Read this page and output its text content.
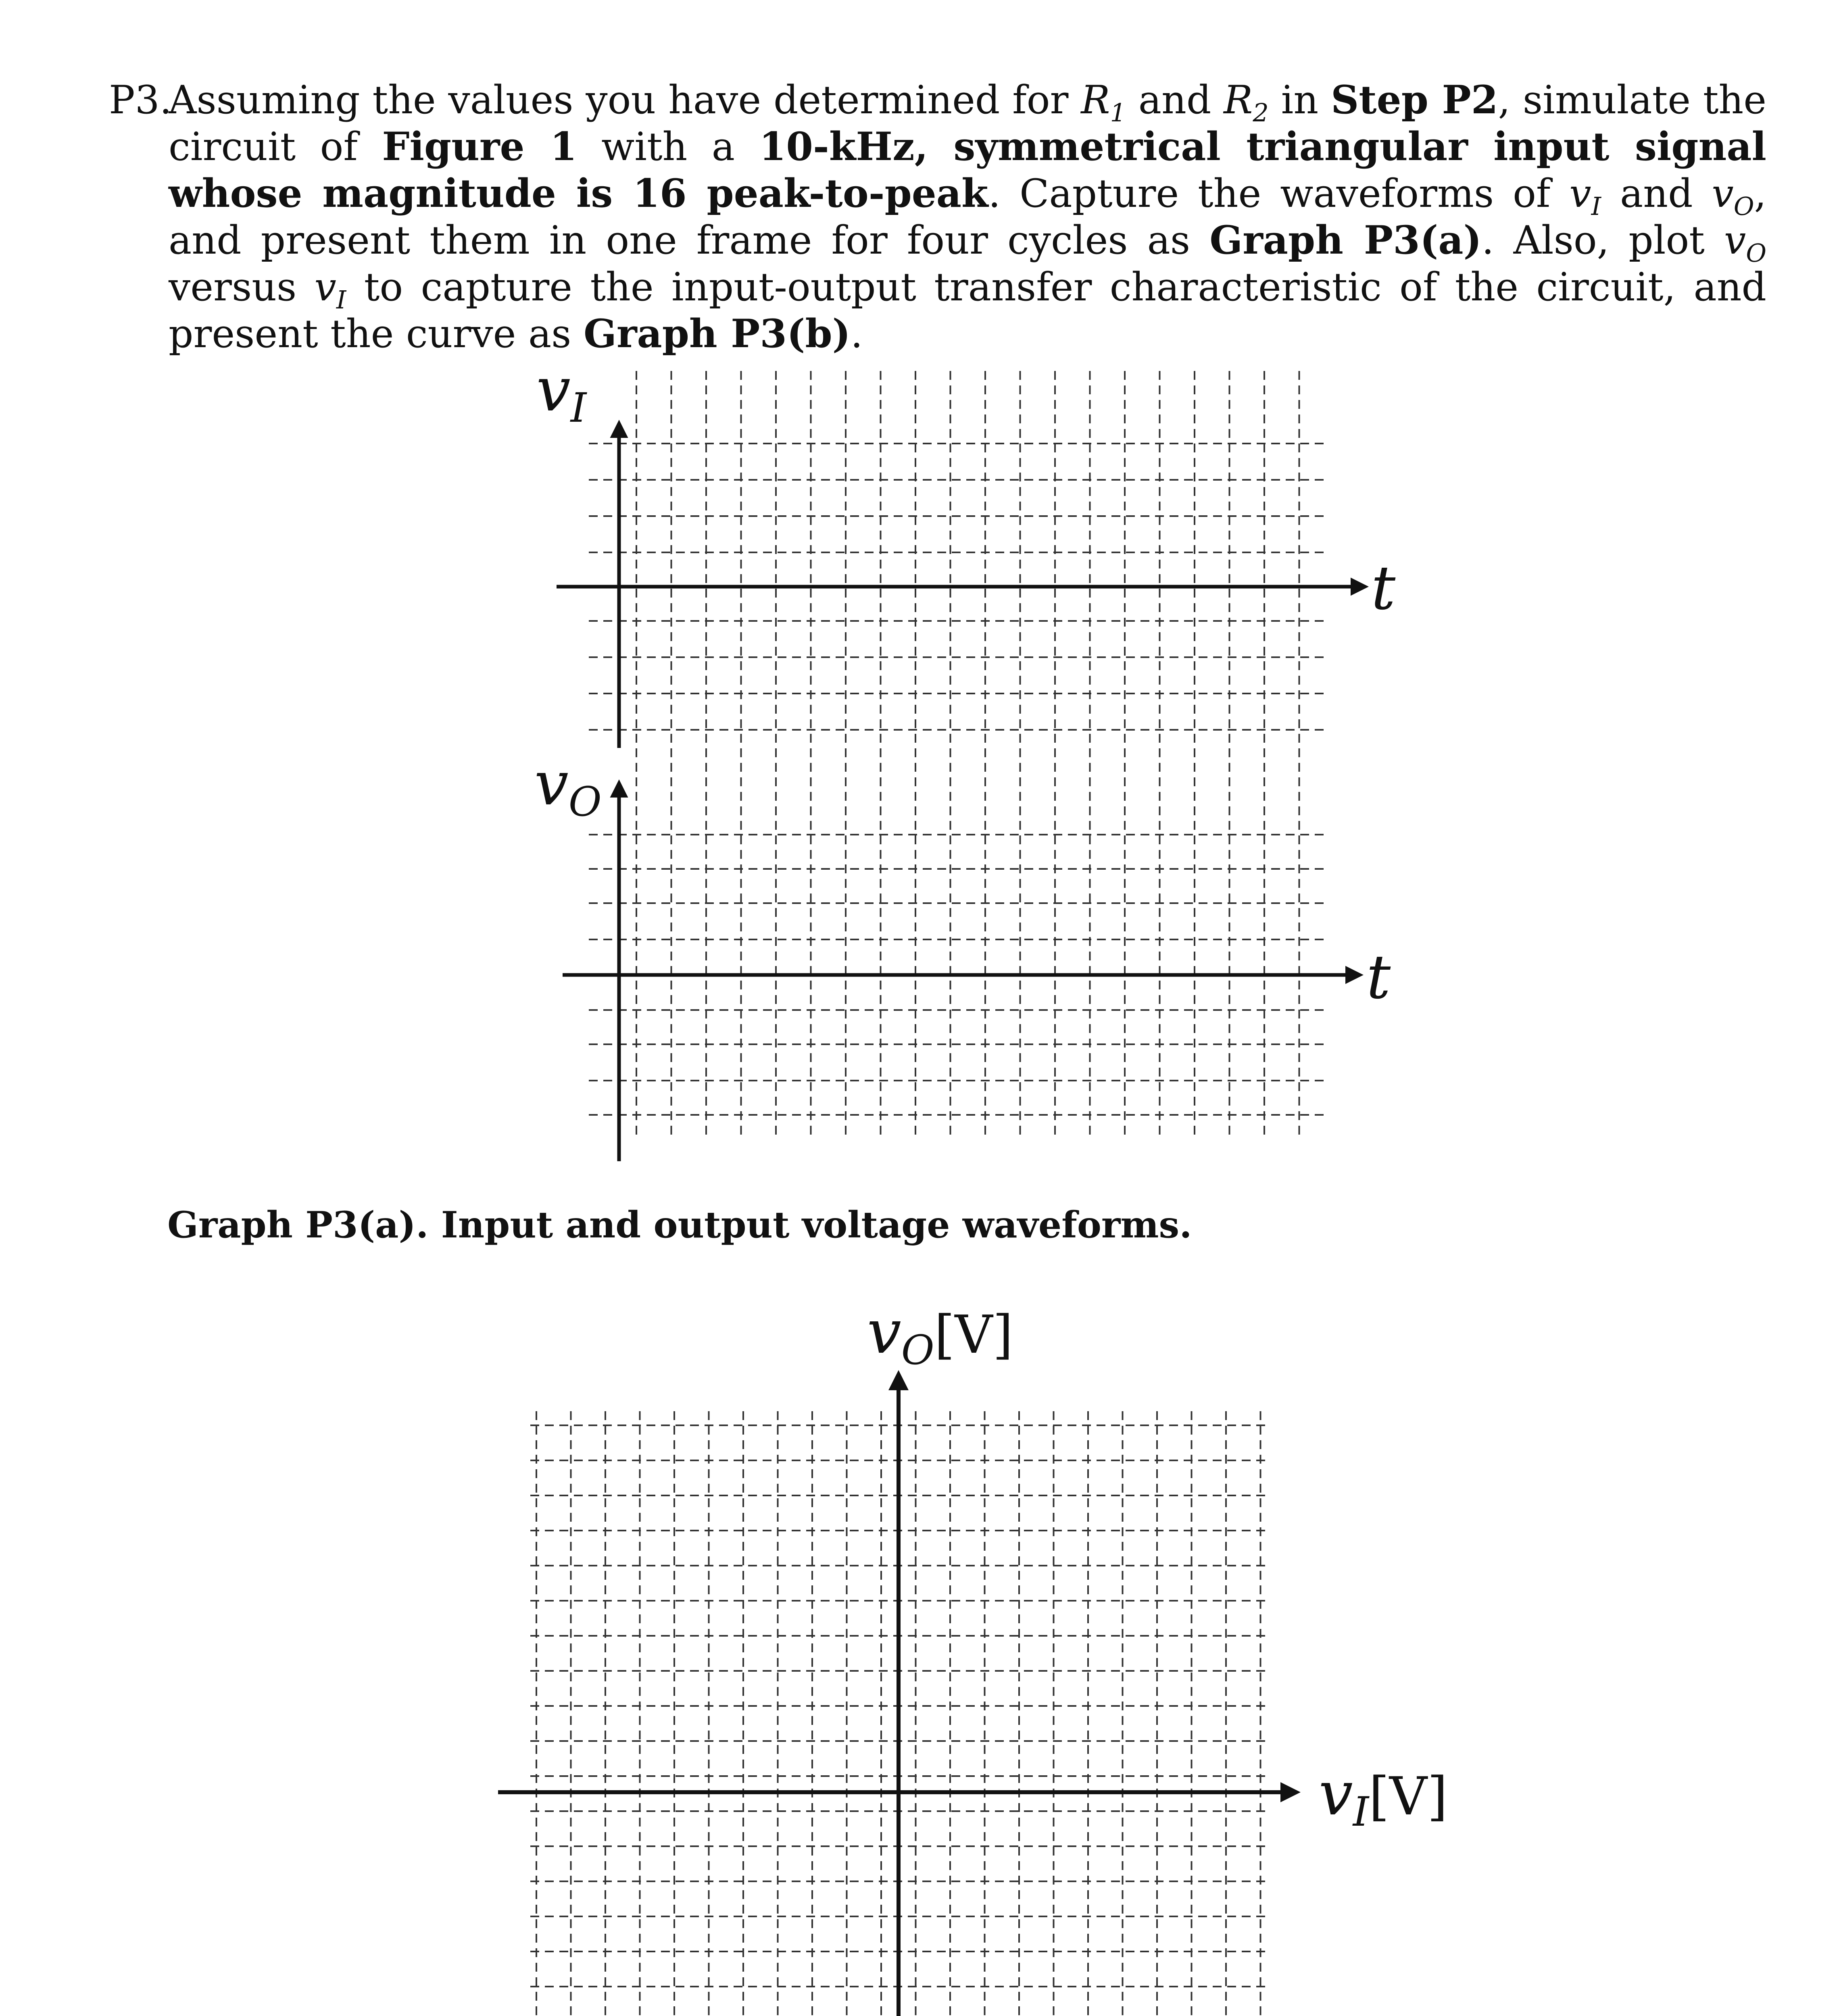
P3.

Assuming the values you have determined for $R_1$ and $R_2$ in Step P2, simulate the circuit of Figure 1 with a 10-kHz, symmetrical triangular input signal whose magnitude is 16 peak-to-peak. Capture the waveforms of $v_I$ and $v_O$, and present them in one frame for four cycles as Graph P3(a). Also, plot $v_O$ versus $v_I$ to capture the input-output transfer characteristic of the circuit, and present the curve as Graph P3(b).

vI
vO
t
t
vO[V]
vI[V]
Graph P3(a). Input and output voltage waveforms.
